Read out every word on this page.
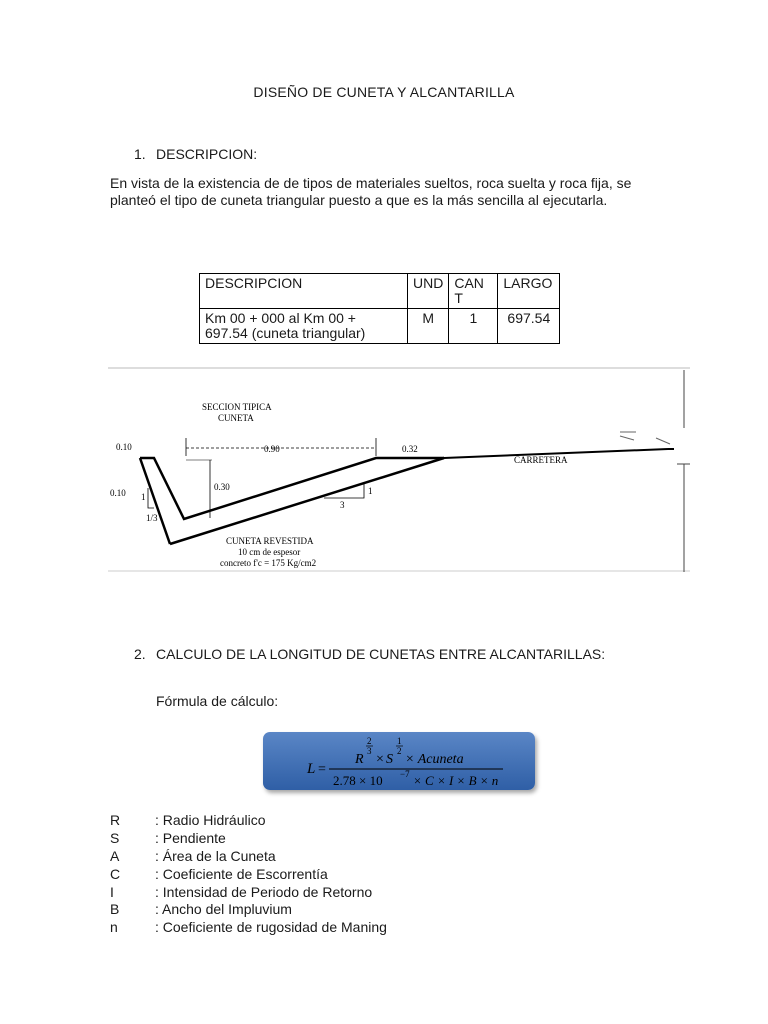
DISEÑO DE CUNETA Y ALCANTARILLA
1. DESCRIPCION:
En vista de la existencia de de tipos de materiales sueltos, roca suelta y roca fija, se planteó el tipo de cuneta triangular puesto a que es la más sencilla al ejecutarla.
DESCRIPCION	UND	CAN T	LARGO
Km 00 + 000 al Km 00 + 697.54 (cuneta triangular)	M	1	697.54
SECCION TIPICA
CUNETA
0.10	0.90	0.32
0.10
0.30
1
1/3
1
3
CARRETERA
CUNETA REVESTIDA
10 cm de espesor
concreto f'c = 175 Kg/cm2
2. CALCULO DE LA LONGITUD DE CUNETAS ENTRE ALCANTARILLAS:
Fórmula de cálculo:
L =
R
2
3
× S
1
2
× Acuneta
2.78 × 10 −7 × C × I × B × n
R : Radio Hidráulico
S	: Pendiente
A	: Área de la Cuneta
C : Coeficiente de Escorrentía
I	: Intensidad de Periodo de Retorno
B	: Ancho del Impluvium
n	: Coeficiente de rugosidad de Maning
